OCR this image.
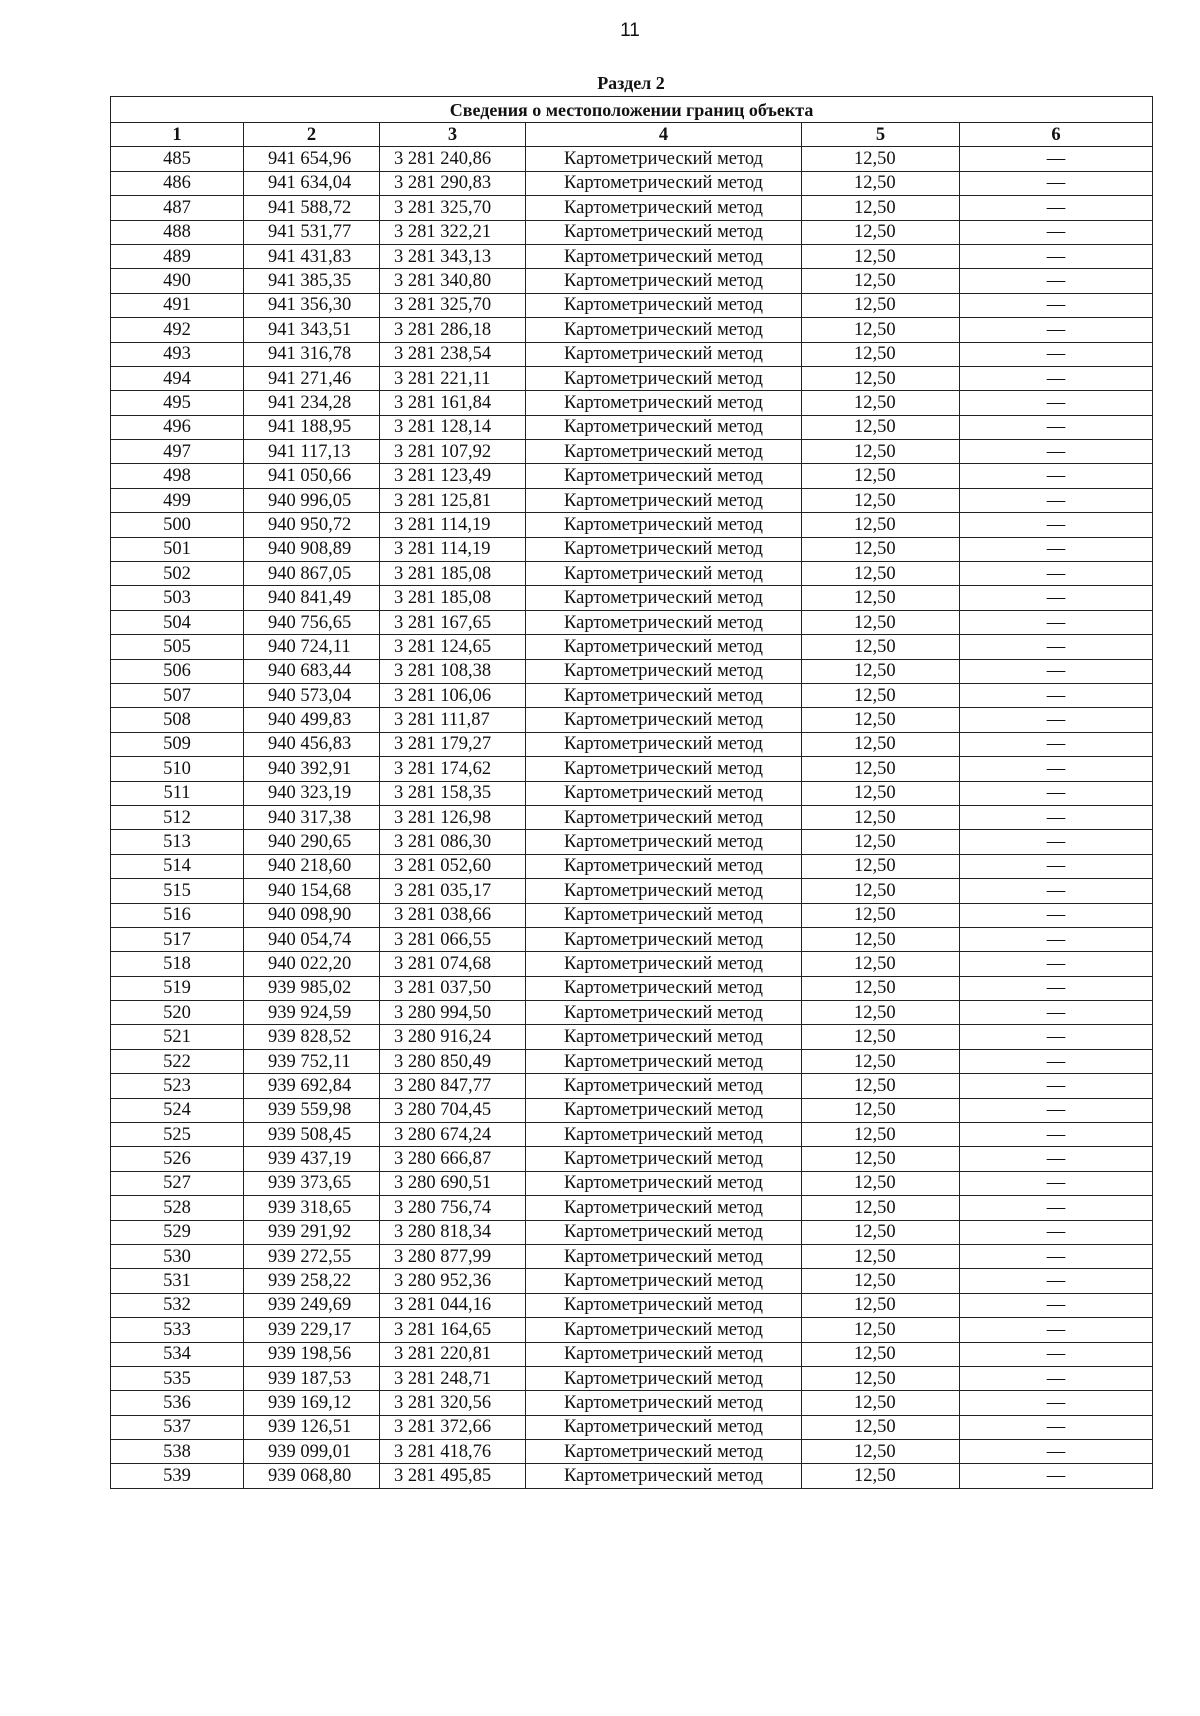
11
Раздел 2
Сведения о местоположении границ объекта					
1	2	3	4	5	6
485	941 654,96	3 281 240,86	Картометрический метод	12,50	—
486	941 634,04	3 281 290,83	Картометрический метод	12,50	—
487	941 588,72	3 281 325,70	Картометрический метод	12,50	—
488	941 531,77	3 281 322,21	Картометрический метод	12,50	—
489	941 431,83	3 281 343,13	Картометрический метод	12,50	—
490	941 385,35	3 281 340,80	Картометрический метод	12,50	—
491	941 356,30	3 281 325,70	Картометрический метод	12,50	—
492	941 343,51	3 281 286,18	Картометрический метод	12,50	—
493	941 316,78	3 281 238,54	Картометрический метод	12,50	—
494	941 271,46	3 281 221,11	Картометрический метод	12,50	—
495	941 234,28	3 281 161,84	Картометрический метод	12,50	—
496	941 188,95	3 281 128,14	Картометрический метод	12,50	—
497	941 117,13	3 281 107,92	Картометрический метод	12,50	—
498	941 050,66	3 281 123,49	Картометрический метод	12,50	—
499	940 996,05	3 281 125,81	Картометрический метод	12,50	—
500	940 950,72	3 281 114,19	Картометрический метод	12,50	—
501	940 908,89	3 281 114,19	Картометрический метод	12,50	—
502	940 867,05	3 281 185,08	Картометрический метод	12,50	—
503	940 841,49	3 281 185,08	Картометрический метод	12,50	—
504	940 756,65	3 281 167,65	Картометрический метод	12,50	—
505	940 724,11	3 281 124,65	Картометрический метод	12,50	—
506	940 683,44	3 281 108,38	Картометрический метод	12,50	—
507	940 573,04	3 281 106,06	Картометрический метод	12,50	—
508	940 499,83	3 281 111,87	Картометрический метод	12,50	—
509	940 456,83	3 281 179,27	Картометрический метод	12,50	—
510	940 392,91	3 281 174,62	Картометрический метод	12,50	—
511	940 323,19	3 281 158,35	Картометрический метод	12,50	—
512	940 317,38	3 281 126,98	Картометрический метод	12,50	—
513	940 290,65	3 281 086,30	Картометрический метод	12,50	—
514	940 218,60	3 281 052,60	Картометрический метод	12,50	—
515	940 154,68	3 281 035,17	Картометрический метод	12,50	—
516	940 098,90	3 281 038,66	Картометрический метод	12,50	—
517	940 054,74	3 281 066,55	Картометрический метод	12,50	—
518	940 022,20	3 281 074,68	Картометрический метод	12,50	—
519	939 985,02	3 281 037,50	Картометрический метод	12,50	—
520	939 924,59	3 280 994,50	Картометрический метод	12,50	—
521	939 828,52	3 280 916,24	Картометрический метод	12,50	—
522	939 752,11	3 280 850,49	Картометрический метод	12,50	—
523	939 692,84	3 280 847,77	Картометрический метод	12,50	—
524	939 559,98	3 280 704,45	Картометрический метод	12,50	—
525	939 508,45	3 280 674,24	Картометрический метод	12,50	—
526	939 437,19	3 280 666,87	Картометрический метод	12,50	—
527	939 373,65	3 280 690,51	Картометрический метод	12,50	—
528	939 318,65	3 280 756,74	Картометрический метод	12,50	—
529	939 291,92	3 280 818,34	Картометрический метод	12,50	—
530	939 272,55	3 280 877,99	Картометрический метод	12,50	—
531	939 258,22	3 280 952,36	Картометрический метод	12,50	—
532	939 249,69	3 281 044,16	Картометрический метод	12,50	—
533	939 229,17	3 281 164,65	Картометрический метод	12,50	—
534	939 198,56	3 281 220,81	Картометрический метод	12,50	—
535	939 187,53	3 281 248,71	Картометрический метод	12,50	—
536	939 169,12	3 281 320,56	Картометрический метод	12,50	—
537	939 126,51	3 281 372,66	Картометрический метод	12,50	—
538	939 099,01	3 281 418,76	Картометрический метод	12,50	—
539	939 068,80	3 281 495,85	Картометрический метод	12,50	—
